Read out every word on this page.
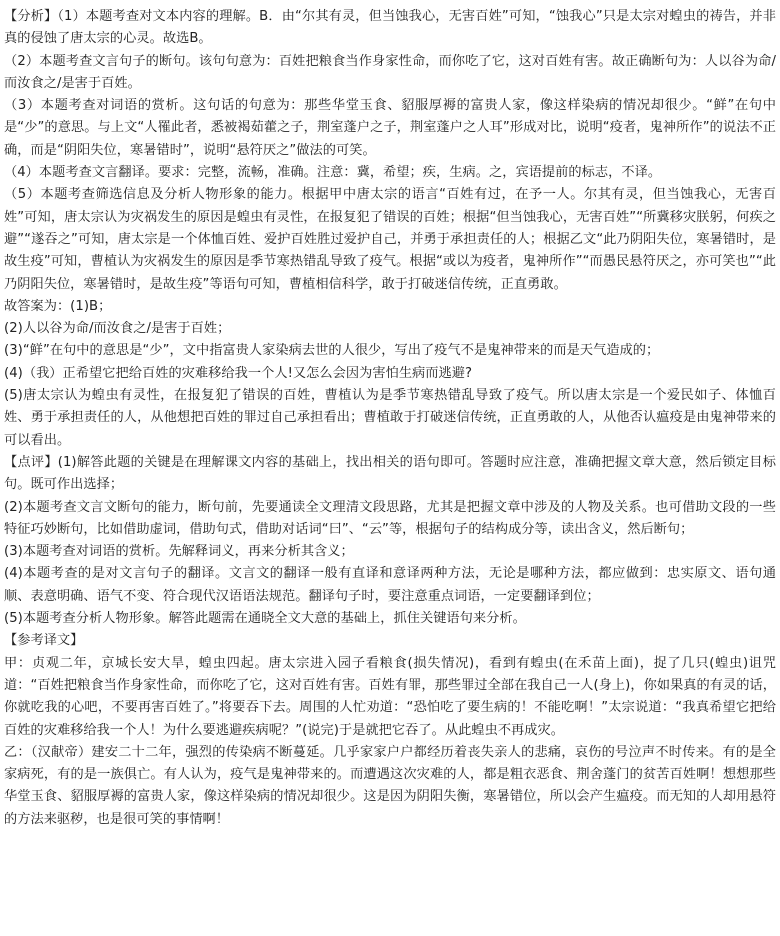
【分析】（1）本题考查对文本内容的理解。B．由“尔其有灵，但当蚀我心，无害百姓”可知，“蚀我心”只是太宗对蝗虫的祷告，并非真的侵蚀了唐太宗的心灵。故选B。

（2）本题考查文言句子的断句。该句句意为：百姓把粮食当作身家性命，而你吃了它，这对百姓有害。故正确断句为：人以谷为命/而汝食之/是害于百姓。

（3）本题考查对词语的赏析。这句话的句意为：那些华堂玉食、貂服厚褥的富贵人家，像这样染病的情况却很少。“鲜”在句中是“少”的意思。与上文“人罹此者，悉被褐茹藿之子，荆室蓬户之子，荆室蓬户之人耳”形成对比，说明“疫者，鬼神所作”的说法不正确，而是“阴阳失位，寒暑错时”，说明“悬符厌之”做法的可笑。

（4）本题考查文言翻译。要求：完整，流畅，准确。注意：冀，希望；疾，生病。之，宾语提前的标志，不译。

（5）本题考查筛选信息及分析人物形象的能力。根据甲中唐太宗的语言“百姓有过，在予一人。尔其有灵，但当蚀我心，无害百姓”可知，唐太宗认为灾祸发生的原因是蝗虫有灵性，在报复犯了错误的百姓；根据“但当蚀我心，无害百姓”“所冀移灾朕躬，何疾之避”“遂吞之”可知，唐太宗是一个体恤百姓、爱护百姓胜过爱护自己，并勇于承担责任的人；根据乙文“此乃阴阳失位，寒暑错时，是故生疫”可知，曹植认为灾祸发生的原因是季节寒热错乱导致了疫气。根据“或以为疫者，鬼神所作”“而愚民悬符厌之，亦可笑也”“此乃阴阳失位，寒暑错时，是故生疫”等语句可知，曹植相信科学，敢于打破迷信传统，正直勇敢。

故答案为：(1)B；

(2)人以谷为命/而汝食之/是害于百姓；

(3)“鲜”在句中的意思是“少”，文中指富贵人家染病去世的人很少，写出了疫气不是鬼神带来的而是天气造成的；

(4)（我）正希望它把给百姓的灾难移给我一个人!又怎么会因为害怕生病而逃避?

(5)唐太宗认为蝗虫有灵性，在报复犯了错误的百姓，曹植认为是季节寒热错乱导致了疫气。所以唐太宗是一个爱民如子、体恤百姓、勇于承担责任的人，从他想把百姓的罪过自己承担看出；曹植敢于打破迷信传统，正直勇敢的人，从他否认瘟疫是由鬼神带来的可以看出。

【点评】(1)解答此题的关键是在理解课文内容的基础上，找出相关的语句即可。答题时应注意，准确把握文章大意，然后锁定目标句。既可作出选择；

(2)本题考查文言文断句的能力，断句前，先要通读全文理清文段思路，尤其是把握文章中涉及的人物及关系。也可借助文段的一些特征巧妙断句，比如借助虚词，借助句式，借助对话词“曰”、“云”等，根据句子的结构成分等，读出含义，然后断句；

(3)本题考查对词语的赏析。先解释词义，再来分析其含义；

(4)本题考查的是对文言句子的翻译。文言文的翻译一般有直译和意译两种方法，无论是哪种方法，都应做到：忠实原文、语句通顺、表意明确、语气不变、符合现代汉语语法规范。翻译句子时，要注意重点词语，一定要翻译到位；

(5)本题考查分析人物形象。解答此题需在通晓全文大意的基础上，抓住关键语句来分析。

【参考译文】

甲：贞观二年，京城长安大旱，蝗虫四起。唐太宗进入园子看粮食(损失情况)，看到有蝗虫(在禾苗上面)，捉了几只(蝗虫)诅咒道：“百姓把粮食当作身家性命，而你吃了它，这对百姓有害。百姓有罪，那些罪过全部在我自己一人(身上)，你如果真的有灵的话，你就吃我的心吧，不要再害百姓了。”将要吞下去。周围的人忙劝道：“恐怕吃了要生病的！不能吃啊！”太宗说道：“我真希望它把给百姓的灾难移给我一个人！为什么要逃避疾病呢？”(说完)于是就把它吞了。从此蝗虫不再成灾。

乙：（汉献帝）建安二十二年，强烈的传染病不断蔓延。几乎家家户户都经历着丧失亲人的悲痛，哀伤的号泣声不时传来。有的是全家病死，有的是一族俱亡。有人认为，疫气是鬼神带来的。而遭遇这次灾难的人，都是粗衣恶食、荆舍蓬门的贫苦百姓啊！想想那些华堂玉食、貂服厚褥的富贵人家，像这样染病的情况却很少。这是因为阴阳失衡，寒暑错位，所以会产生瘟疫。而无知的人却用悬符的方法来驱秽，也是很可笑的事情啊！
